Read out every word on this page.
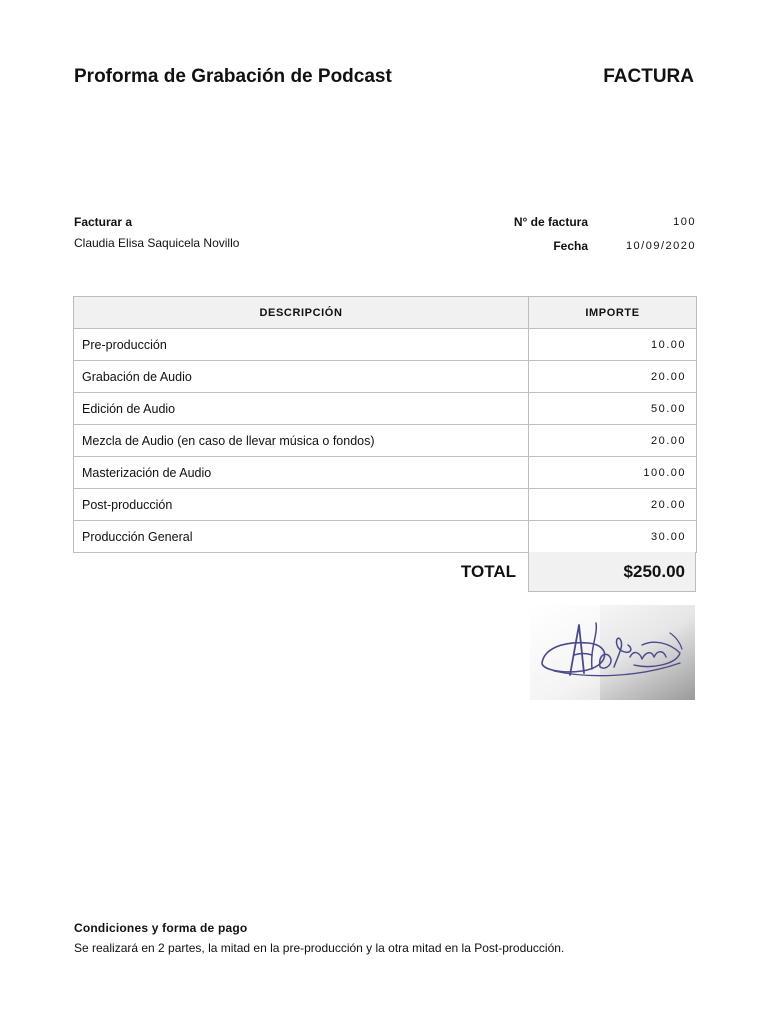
Proforma de Grabación de Podcast	FACTURA
Facturar a
Claudia Elisa Saquicela Novillo
N° de factura	100
Fecha	10/09/2020
DESCRIPCIÓN	IMPORTE
Pre-producción	10.00
Grabación de Audio	20.00
Edición de Audio	50.00
Mezcla de Audio (en caso de llevar música o fondos)	20.00
Masterización de Audio	100.00
Post-producción	20.00
Producción General	30.00
TOTAL	$250.00
Condiciones y forma de pago
Se realizará en 2 partes, la mitad en la pre-producción y la otra mitad en la Post-producción.
